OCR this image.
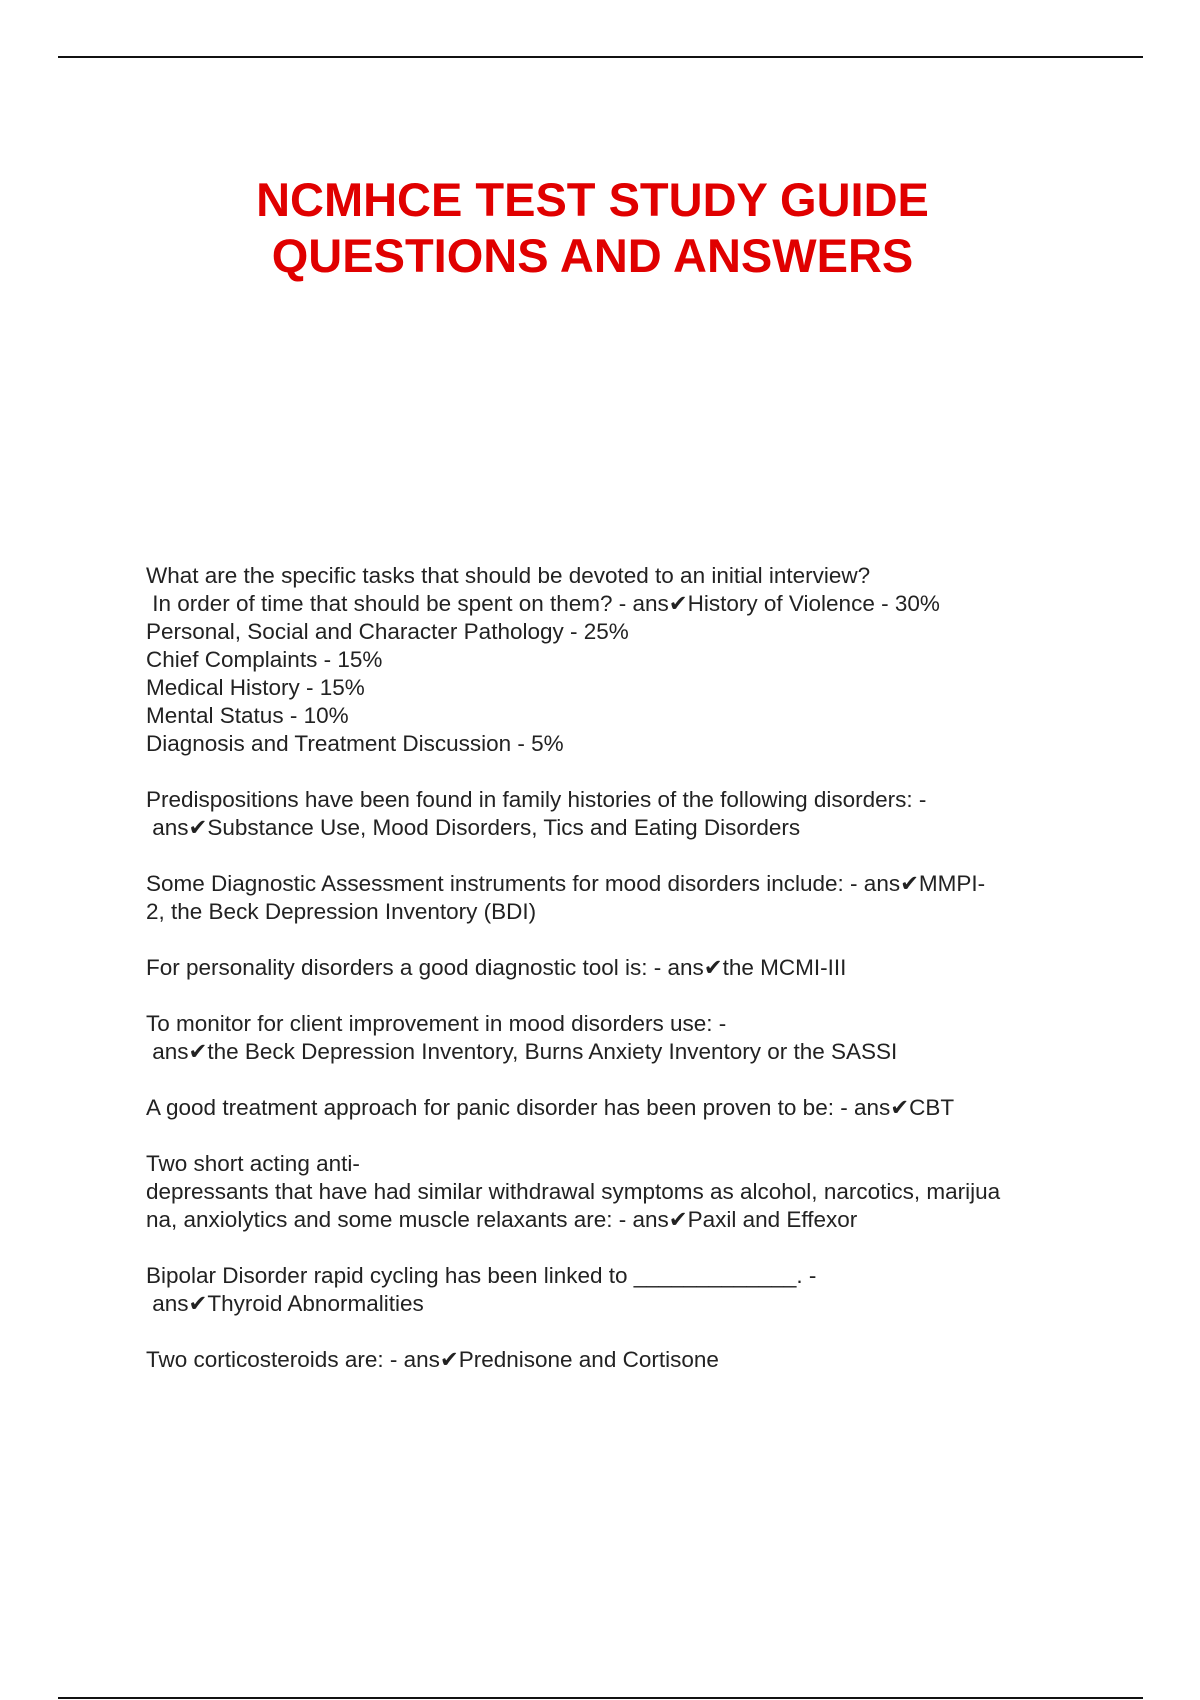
NCMHCE TEST STUDY GUIDE
QUESTIONS AND ANSWERS
What are the specific tasks that should be devoted to an initial interview?
In order of time that should be spent on them? - ans✔History of Violence - 30%
Personal, Social and Character Pathology - 25%
Chief Complaints - 15%
Medical History - 15%
Mental Status - 10%
Diagnosis and Treatment Discussion - 5%
Predispositions have been found in family histories of the following disorders: -
ans✔Substance Use, Mood Disorders, Tics and Eating Disorders
Some Diagnostic Assessment instruments for mood disorders include: - ans✔MMPI-
2, the Beck Depression Inventory (BDI)
For personality disorders a good diagnostic tool is: - ans✔the MCMI-III
To monitor for client improvement in mood disorders use: -
ans✔the Beck Depression Inventory, Burns Anxiety Inventory or the SASSI
A good treatment approach for panic disorder has been proven to be: - ans✔CBT
Two short acting anti-
depressants that have had similar withdrawal symptoms as alcohol, narcotics, marijua
na, anxiolytics and some muscle relaxants are: - ans✔Paxil and Effexor
Bipolar Disorder rapid cycling has been linked to _____________. -
ans✔Thyroid Abnormalities
Two corticosteroids are: - ans✔Prednisone and Cortisone
